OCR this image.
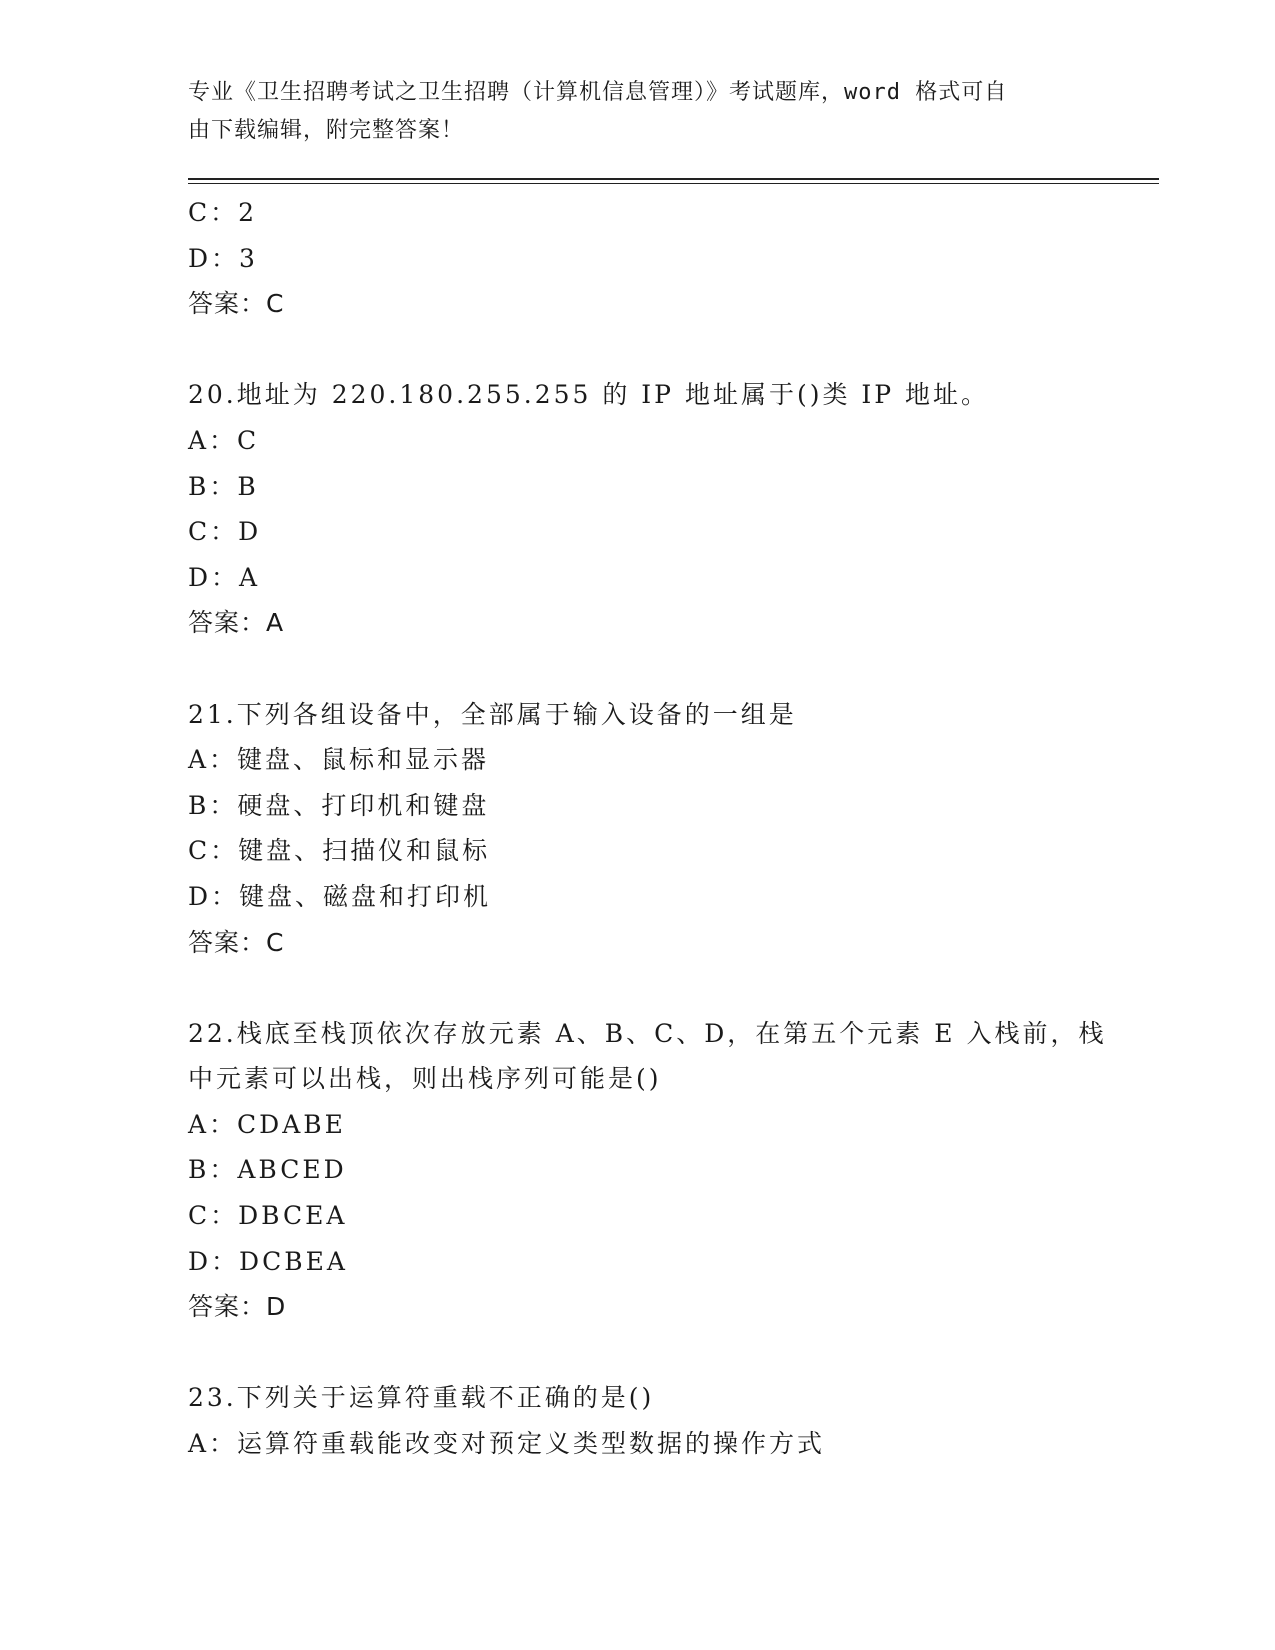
专业《卫生招聘考试之卫生招聘（计算机信息管理）》考试题库，word 格式可自
由下载编辑，附完整答案！
C：2
D：3
答案：C
20.地址为 220.180.255.255 的 IP 地址属于()类 IP 地址。
A：C
B：B
C：D
D：A
答案：A
21.下列各组设备中，全部属于输入设备的一组是
A：键盘、鼠标和显示器
B：硬盘、打印机和键盘
C：键盘、扫描仪和鼠标
D：键盘、磁盘和打印机
答案：C
22.栈底至栈顶依次存放元素 A、B、C、D，在第五个元素 E 入栈前，栈
中元素可以出栈，则出栈序列可能是()
A：CDABE
B：ABCED
C：DBCEA
D：DCBEA
答案：D
23.下列关于运算符重载不正确的是()
A：运算符重载能改变对预定义类型数据的操作方式
